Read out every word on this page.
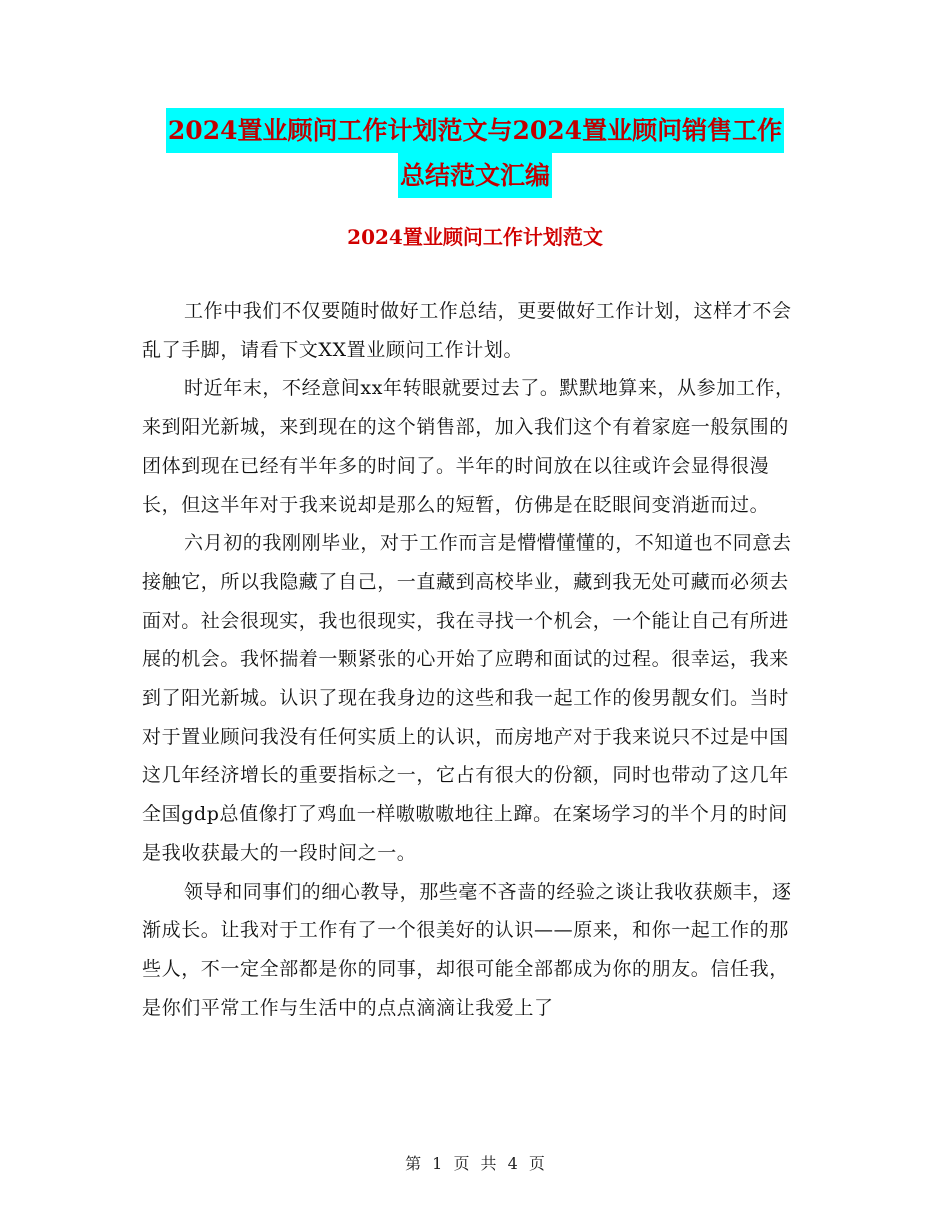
2024置业顾问工作计划范文与2024置业顾问销售工作
总结范文汇编
2024置业顾问工作计划范文

工作中我们不仅要随时做好工作总结，更要做好工作计划，这样才不会乱了手脚，请看下文XX置业顾问工作计划。

时近年末，不经意间xx年转眼就要过去了。默默地算来，从参加工作，来到阳光新城，来到现在的这个销售部，加入我们这个有着家庭一般氛围的团体到现在已经有半年多的时间了。半年的时间放在以往或许会显得很漫长，但这半年对于我来说却是那么的短暂，仿佛是在眨眼间变消逝而过。

六月初的我刚刚毕业，对于工作而言是懵懵懂懂的，不知道也不同意去接触它，所以我隐藏了自己，一直藏到高校毕业，藏到我无处可藏而必须去面对。社会很现实，我也很现实，我在寻找一个机会，一个能让自己有所进展的机会。我怀揣着一颗紧张的心开始了应聘和面试的过程。很幸运，我来到了阳光新城。认识了现在我身边的这些和我一起工作的俊男靓女们。当时对于置业顾问我没有任何实质上的认识，而房地产对于我来说只不过是中国这几年经济增长的重要指标之一，它占有很大的份额，同时也带动了这几年全国gdp总值像打了鸡血一样嗷嗷嗷地往上蹿。在案场学习的半个月的时间是我收获最大的一段时间之一。

领导和同事们的细心教导，那些毫不吝啬的经验之谈让我收获颇丰，逐渐成长。让我对于工作有了一个很美好的认识——原来，和你一起工作的那些人，不一定全部都是你的同事，却很可能全部都成为你的朋友。信任我，是你们平常工作与生活中的点点滴滴让我爱上了

第 1 页 共 4 页
